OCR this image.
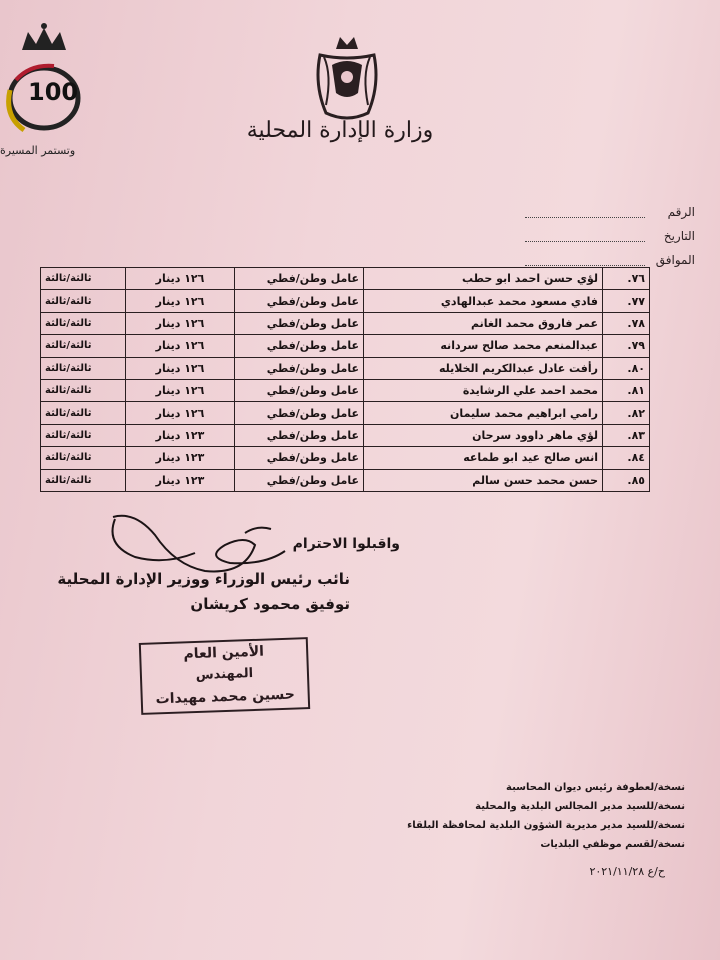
100
وتستمر المسيرة
وزارة الإدارة المحلية
الرقم
التاريخ
الموافق
٧٦.	لؤي حسن احمد ابو حطب	عامل وطن/فطي	١٢٦ دينار	ثالثة/ثالثة
٧٧.	فادي مسعود محمد عبدالهادي	عامل وطن/فطي	١٢٦ دينار	ثالثة/ثالثة
٧٨.	عمر فاروق محمد الغانم	عامل وطن/فطي	١٢٦ دينار	ثالثة/ثالثة
٧٩.	عبدالمنعم محمد صالح سردانه	عامل وطن/فطي	١٢٦ دينار	ثالثة/ثالثة
٨٠.	رأفت عادل عبدالكريم الخلايله	عامل وطن/فطي	١٢٦ دينار	ثالثة/ثالثة
٨١.	محمد احمد علي الرشايدة	عامل وطن/فطي	١٢٦ دينار	ثالثة/ثالثة
٨٢.	رامي ابراهيم محمد سليمان	عامل وطن/فطي	١٢٦ دينار	ثالثة/ثالثة
٨٣.	لؤي ماهر داوود سرحان	عامل وطن/فطي	١٢٣ دينار	ثالثة/ثالثة
٨٤.	انس صالح عيد ابو طماعه	عامل وطن/فطي	١٢٣ دينار	ثالثة/ثالثة
٨٥.	حسن محمد حسن سالم	عامل وطن/فطي	١٢٣ دينار	ثالثة/ثالثة
واقبلوا الاحترام
نائب رئيس الوزراء ووزير الإدارة المحلية
توفيق محمود كريشان
الأمين العام
المهندس
حسين محمد مهيدات
نسخة/لعطوفة رئيس ديوان المحاسبة
نسخة/للسيد مدير المجالس البلدية والمحلية
نسخة/للسيد مدير مديرية الشؤون البلدية لمحافظة البلقاء
نسخة/لقسم موظفي البلديات
ح/ع ٢٠٢١/١١/٢٨
